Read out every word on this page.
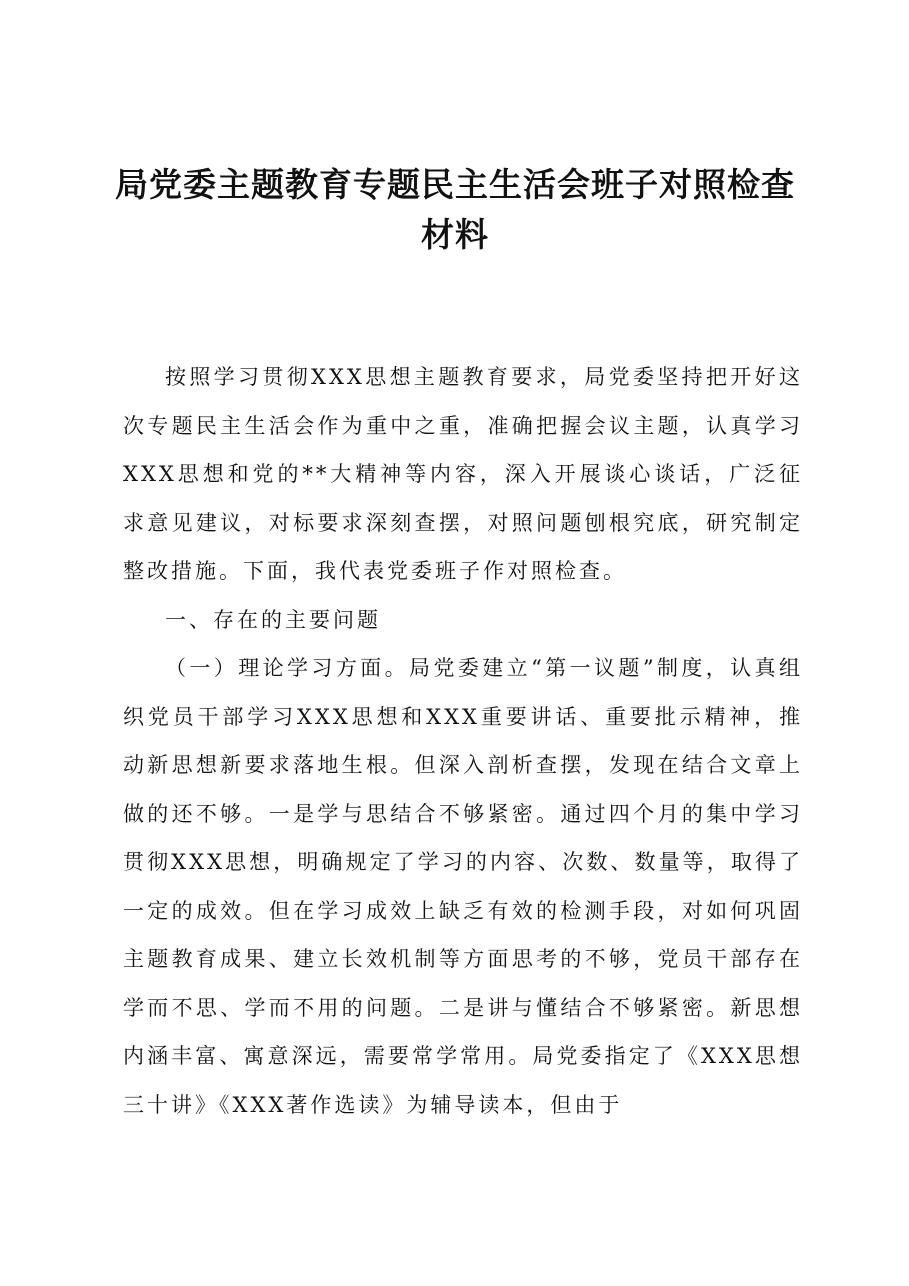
局党委主题教育专题民主生活会班子对照检查
材料

按照学习贯彻XXX思想主题教育要求，局党委坚持把开好这次专题民主生活会作为重中之重，准确把握会议主题，认真学习XXX思想和党的**大精神等内容，深入开展谈心谈话，广泛征求意见建议，对标要求深刻查摆，对照问题刨根究底，研究制定整改措施。下面，我代表党委班子作对照检查。

一、存在的主要问题

（一）理论学习方面。局党委建立“第一议题”制度，认真组织党员干部学习XXX思想和XXX重要讲话、重要批示精神，推动新思想新要求落地生根。但深入剖析查摆，发现在结合文章上做的还不够。一是学与思结合不够紧密。通过四个月的集中学习贯彻XXX思想，明确规定了学习的内容、次数、数量等，取得了一定的成效。但在学习成效上缺乏有效的检测手段，对如何巩固主题教育成果、建立长效机制等方面思考的不够，党员干部存在学而不思、学而不用的问题。二是讲与懂结合不够紧密。新思想内涵丰富、寓意深远，需要常学常用。局党委指定了《XXX思想三十讲》《XXX著作选读》为辅导读本，但由于
